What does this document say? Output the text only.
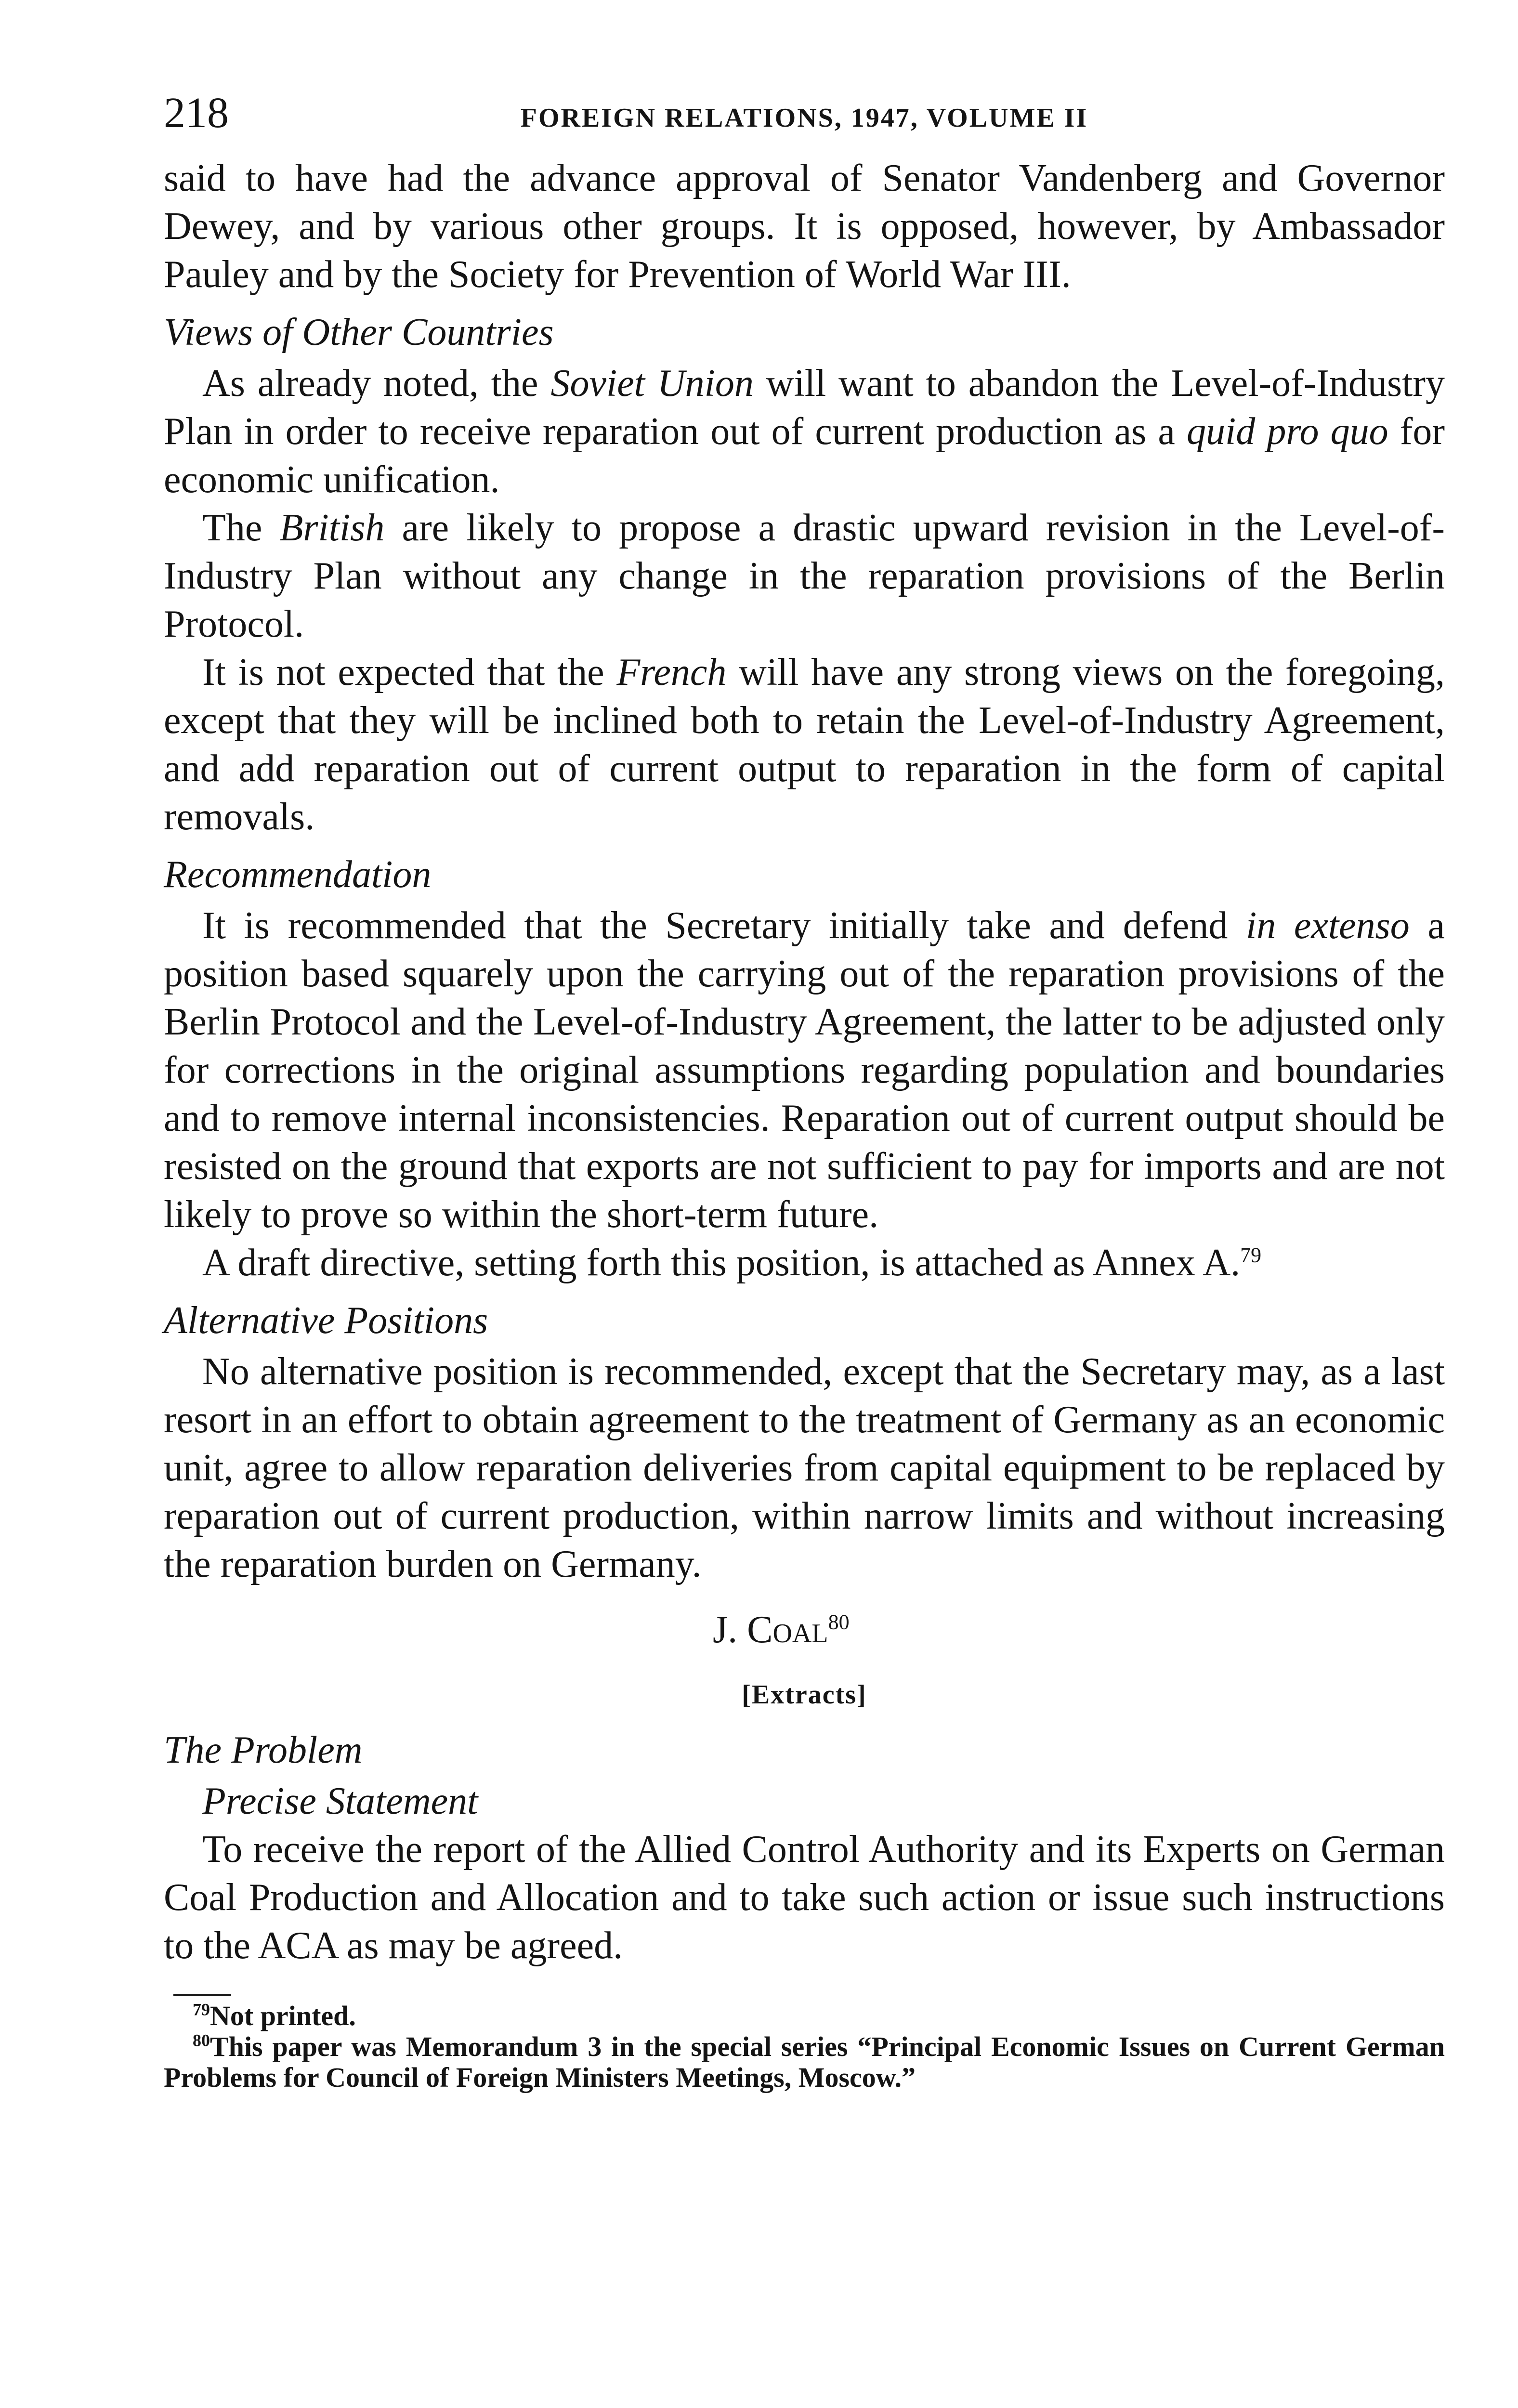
218	FOREIGN RELATIONS, 1947, VOLUME II

said to have had the advance approval of Senator Vandenberg and Governor Dewey, and by various other groups. It is opposed, however, by Ambassador Pauley and by the Society for Prevention of World War III.

Views of Other Countries

As already noted, the Soviet Union will want to abandon the Level-of-Industry Plan in order to receive reparation out of current production as a quid pro quo for economic unification.

The British are likely to propose a drastic upward revision in the Level-of-Industry Plan without any change in the reparation provisions of the Berlin Protocol.

It is not expected that the French will have any strong views on the foregoing, except that they will be inclined both to retain the Level-of-Industry Agreement, and add reparation out of current output to reparation in the form of capital removals.

Recommendation

It is recommended that the Secretary initially take and defend in extenso a position based squarely upon the carrying out of the reparation provisions of the Berlin Protocol and the Level-of-Industry Agreement, the latter to be adjusted only for corrections in the original assumptions regarding population and boundaries and to remove internal inconsistencies. Reparation out of current output should be resisted on the ground that exports are not sufficient to pay for imports and are not likely to prove so within the short-term future.

A draft directive, setting forth this position, is attached as Annex A.$^{79}$

Alternative Positions

No alternative position is recommended, except that the Secretary may, as a last resort in an effort to obtain agreement to the treatment of Germany as an economic unit, agree to allow reparation deliveries from capital equipment to be replaced by reparation out of current production, within narrow limits and without increasing the reparation burden on Germany.

J. Coal$^{80}$
[Extracts]
The Problem
Precise Statement

To receive the report of the Allied Control Authority and its Experts on German Coal Production and Allocation and to take such action or issue such instructions to the ACA as may be agreed.

$^{79}$Not printed.

$^{80}$This paper was Memorandum 3 in the special series “Principal Economic Issues on Current German Problems for Council of Foreign Ministers Meetings, Moscow.”
